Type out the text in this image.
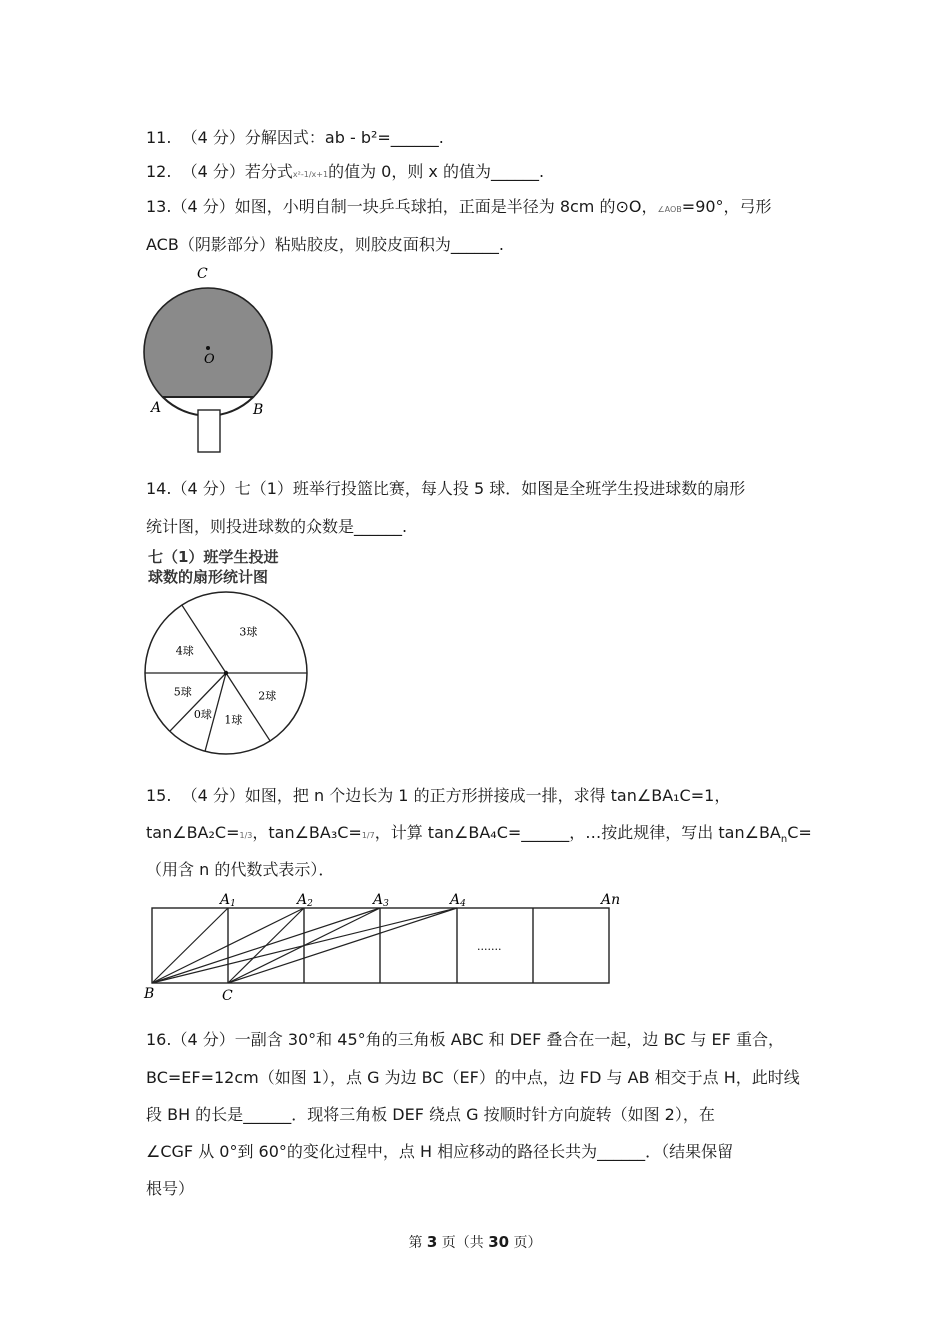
11. （4 分）分解因式：ab - b²=______.
12. （4 分）若分式x²-1/x+1的值为 0，则 x 的值为______.
13.（4 分）如图，小明自制一块乒乓球拍，正面是半径为 8cm 的⊙O，∠AOB=90°，弓形
ACB（阴影部分）粘贴胶皮，则胶皮面积为______.
C
O
A	B
14.（4 分）七（1）班举行投篮比赛，每人投 5 球．如图是全班学生投进球数的扇形
统计图，则投进球数的众数是______.
七（1）班学生投进
球数的扇形统计图
3球
2球
1球
0球
5球
4球
15. （4 分）如图，把 n 个边长为 1 的正方形拼接成一排，求得 tan∠BA₁C=1，
tan∠BA₂C=1/3，tan∠BA₃C=1/7，计算 tan∠BA₄C=______，…按此规律，写出 $\tan\angle BA_nC=$
（用含 n 的代数式表示）．
A1	A2	A3	A4	An
B	C
.......
16.（4 分）一副含 30°和 45°角的三角板 ABC 和 DEF 叠合在一起，边 BC 与 EF 重合，
BC=EF=12cm（如图 1），点 G 为边 BC（EF）的中点，边 FD 与 AB 相交于点 H，此时线
段 BH 的长是______．现将三角板 DEF 绕点 G 按顺时针方向旋转（如图 2），在
∠CGF 从 0°到 60°的变化过程中，点 H 相应移动的路径长共为______．（结果保留
根号）
第 3 页（共 30 页）
